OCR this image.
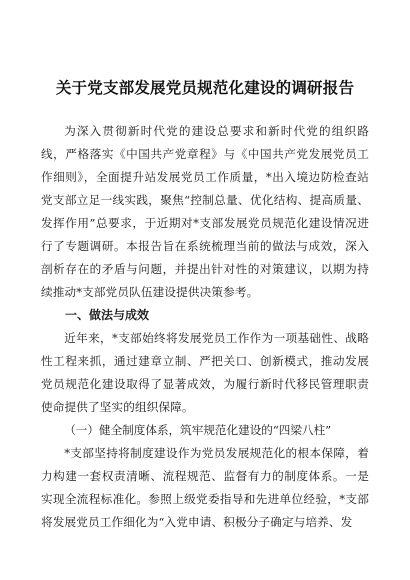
关于党支部发展党员规范化建设的调研报告

为深入贯彻新时代党的建设总要求和新时代党的组织路线，严格落实《中国共产党章程》与《中国共产党发展党员工作细则》，全面提升站发展党员工作质量，*出入境边防检查站党支部立足一线实践，聚焦“控制总量、优化结构、提高质量、发挥作用”总要求，于近期对*支部发展党员规范化建设情况进行了专题调研。本报告旨在系统梳理当前的做法与成效，深入剖析存在的矛盾与问题，并提出针对性的对策建议，以期为持续推动*支部党员队伍建设提供决策参考。

一、做法与成效

近年来，*支部始终将发展党员工作作为一项基础性、战略性工程来抓，通过建章立制、严把关口、创新模式，推动发展党员规范化建设取得了显著成效，为履行新时代移民管理职责使命提供了坚实的组织保障。

（一）健全制度体系，筑牢规范化建设的“四梁八柱”

*支部坚持将制度建设作为党员发展规范化的根本保障，着力构建一套权责清晰、流程规范、监督有力的制度体系。一是实现全流程标准化。参照上级党委指导和先进单位经验，*支部将发展党员工作细化为“入党申请、积极分子确定与培养、发
